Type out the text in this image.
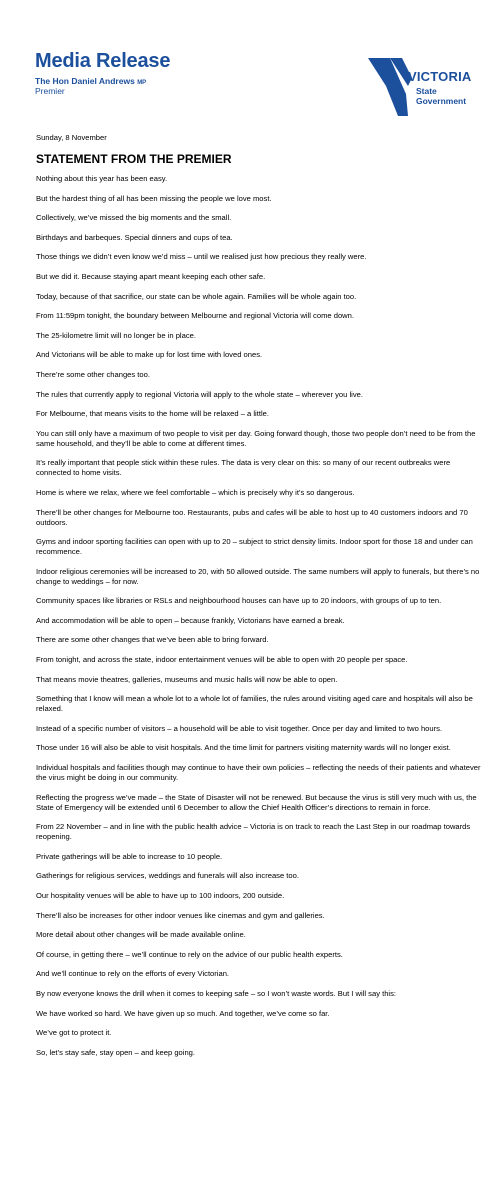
Media Release
The Hon Daniel Andrews MP
Premier
VICTORIA
State
Government
Sunday, 8 November
STATEMENT FROM THE PREMIER
Nothing about this year has been easy.
But the hardest thing of all has been missing the people we love most.
Collectively, we’ve missed the big moments and the small.
Birthdays and barbeques. Special dinners and cups of tea.
Those things we didn’t even know we’d miss – until we realised just how precious they really were.
But we did it. Because staying apart meant keeping each other safe.
Today, because of that sacrifice, our state can be whole again. Families will be whole again too.
From 11:59pm tonight, the boundary between Melbourne and regional Victoria will come down.
The 25-kilometre limit will no longer be in place.
And Victorians will be able to make up for lost time with loved ones.
There’re some other changes too.
The rules that currently apply to regional Victoria will apply to the whole state – wherever you live.
For Melbourne, that means visits to the home will be relaxed – a little.
You can still only have a maximum of two people to visit per day. Going forward though, those two people don’t need to be from the same household, and they’ll be able to come at different times.
It’s really important that people stick within these rules. The data is very clear on this: so many of our recent outbreaks were connected to home visits.
Home is where we relax, where we feel comfortable – which is precisely why it’s so dangerous.
There’ll be other changes for Melbourne too. Restaurants, pubs and cafes will be able to host up to 40 customers indoors and 70 outdoors.
Gyms and indoor sporting facilities can open with up to 20 – subject to strict density limits. Indoor sport for those 18 and under can recommence.
Indoor religious ceremonies will be increased to 20, with 50 allowed outside. The same numbers will apply to funerals, but there’s no change to weddings – for now.
Community spaces like libraries or RSLs and neighbourhood houses can have up to 20 indoors, with groups of up to ten.
And accommodation will be able to open – because frankly, Victorians have earned a break.
There are some other changes that we’ve been able to bring forward.
From tonight, and across the state, indoor entertainment venues will be able to open with 20 people per space.
That means movie theatres, galleries, museums and music halls will now be able to open.
Something that I know will mean a whole lot to a whole lot of families, the rules around visiting aged care and hospitals will also be relaxed.
Instead of a specific number of visitors – a household will be able to visit together. Once per day and limited to two hours.
Those under 16 will also be able to visit hospitals. And the time limit for partners visiting maternity wards will no longer exist.
Individual hospitals and facilities though may continue to have their own policies – reflecting the needs of their patients and whatever the virus might be doing in our community.
Reflecting the progress we’ve made – the State of Disaster will not be renewed. But because the virus is still very much with us, the State of Emergency will be extended until 6 December to allow the Chief Health Officer’s directions to remain in force.
From 22 November – and in line with the public health advice – Victoria is on track to reach the Last Step in our roadmap towards reopening.
Private gatherings will be able to increase to 10 people.
Gatherings for religious services, weddings and funerals will also increase too.
Our hospitality venues will be able to have up to 100 indoors, 200 outside.
There’ll also be increases for other indoor venues like cinemas and gym and galleries.
More detail about other changes will be made available online.
Of course, in getting there – we’ll continue to rely on the advice of our public health experts.
And we’ll continue to rely on the efforts of every Victorian.
By now everyone knows the drill when it comes to keeping safe – so I won’t waste words. But I will say this:
We have worked so hard. We have given up so much. And together, we’ve come so far.
We’ve got to protect it.
So, let’s stay safe, stay open – and keep going.
